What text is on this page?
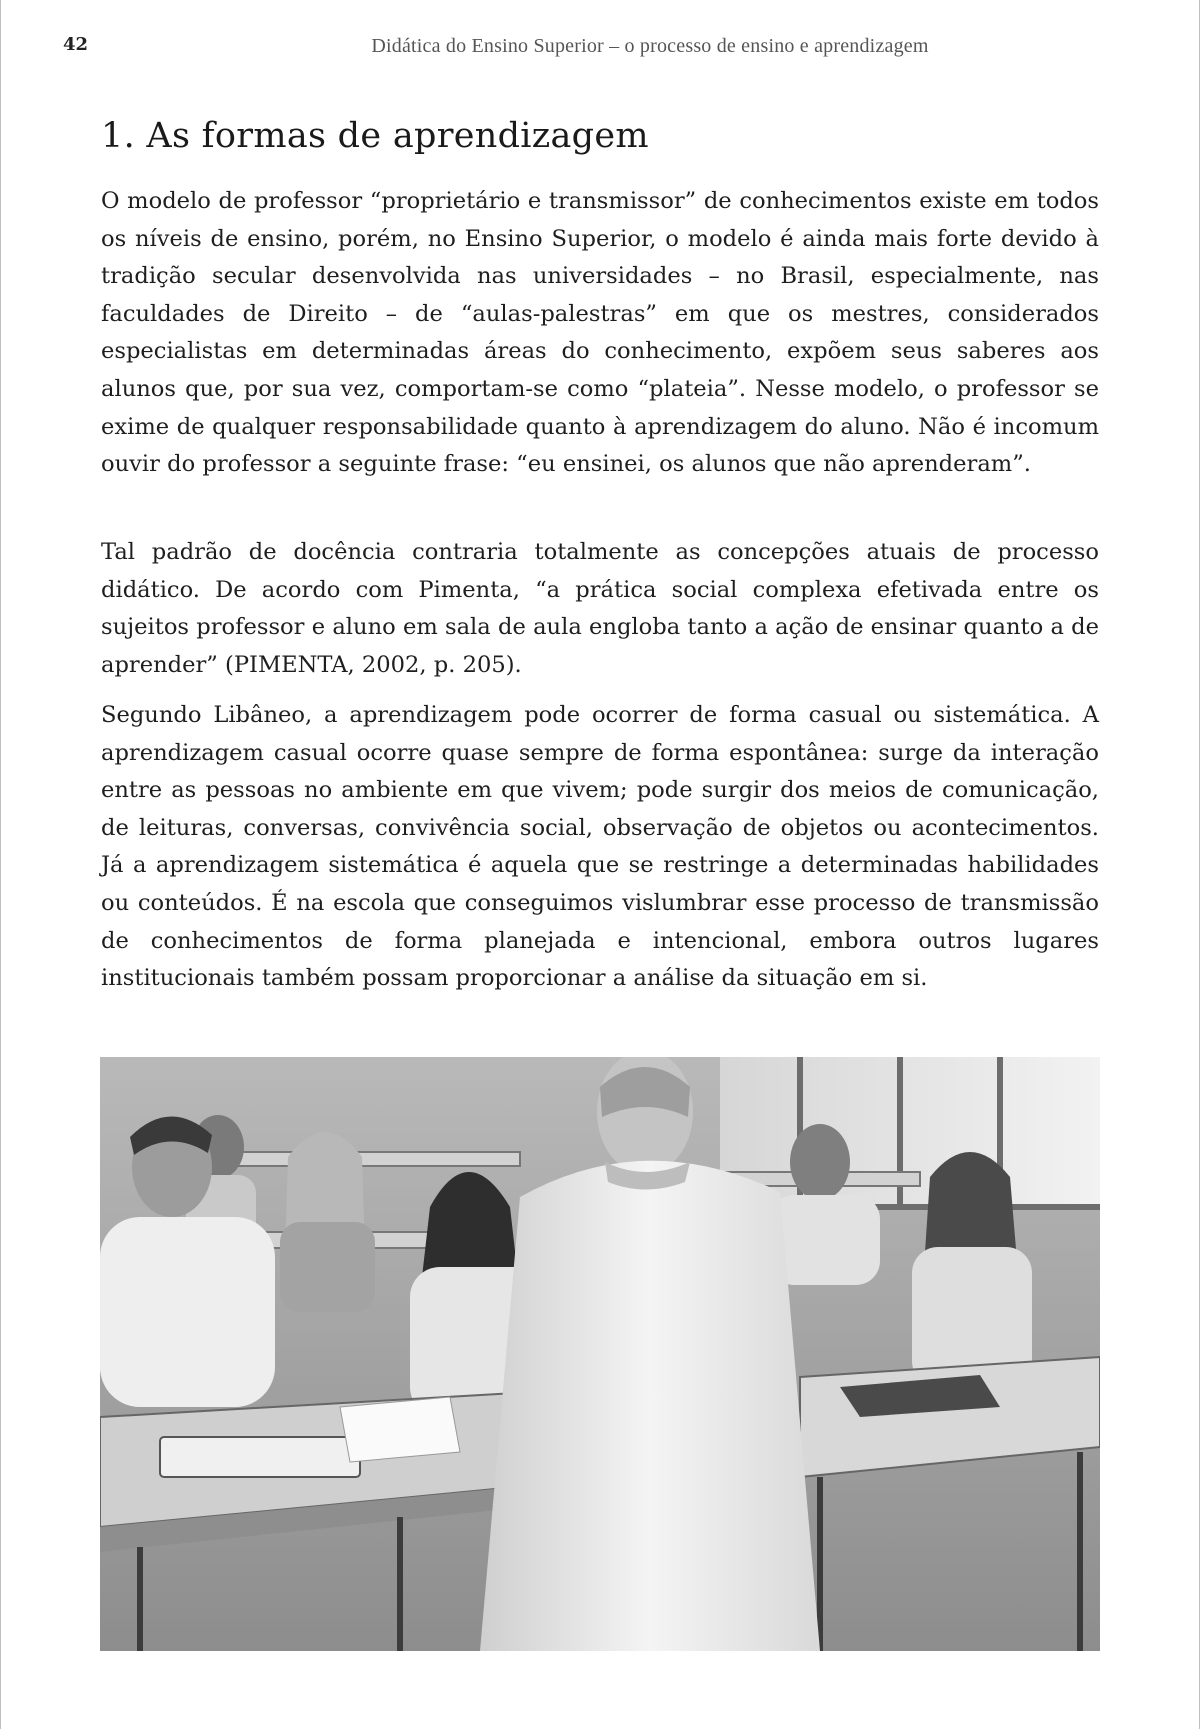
42	Didática do Ensino Superior – o processo de ensino e aprendizagem
1. As formas de aprendizagem

O modelo de professor “proprietário e transmissor” de conhecimentos existe em todos os níveis de ensino, porém, no Ensino Superior, o modelo é ainda mais forte devido à tradição secular desenvolvida nas universidades – no Brasil, especialmente, nas faculdades de Direito – de “aulas-palestras” em que os mestres, considerados especialistas em determinadas áreas do conhecimento, expõem seus saberes aos alunos que, por sua vez, comportam-se como “plateia”. Nesse modelo, o professor se exime de qualquer responsabilidade quanto à aprendizagem do aluno. Não é incomum ouvir do professor a seguinte frase: “eu ensinei, os alunos que não aprenderam”.

Tal padrão de docência contraria totalmente as concepções atuais de processo didático. De acordo com Pimenta, “a prática social complexa efetivada entre os sujeitos professor e aluno em sala de aula engloba tanto a ação de ensinar quanto a de aprender” (PIMENTA, 2002, p. 205).

Segundo Libâneo, a aprendizagem pode ocorrer de forma casual ou sistemática. A aprendizagem casual ocorre quase sempre de forma espontânea: surge da interação entre as pessoas no ambiente em que vivem; pode surgir dos meios de comunicação, de leituras, conversas, convivência social, observação de objetos ou acontecimentos. Já a aprendizagem sistemática é aquela que se restringe a determinadas habilidades ou conteúdos. É na escola que conseguimos vislumbrar esse processo de transmissão de conhecimentos de forma planejada e intencional, embora outros lugares institucionais também possam proporcionar a análise da situação em si.
